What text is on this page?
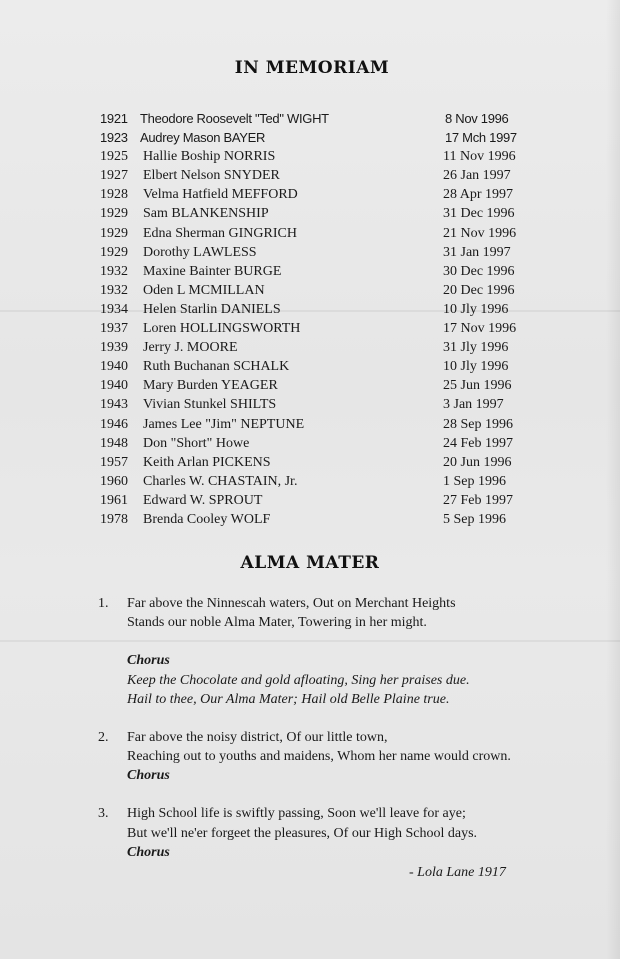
IN MEMORIAM
1921 Theodore Roosevelt "Ted" WIGHT	8 Nov 1996
1923 Audrey Mason BAYER	17 Mch 1997
1925 Hallie Boship NORRIS	11 Nov 1996
1927 Elbert Nelson SNYDER	26 Jan 1997
1928 Velma Hatfield MEFFORD	28 Apr 1997
1929 Sam BLANKENSHIP	31 Dec 1996
1929 Edna Sherman GINGRICH	21 Nov 1996
1929 Dorothy LAWLESS	31 Jan 1997
1932 Maxine Bainter BURGE	30 Dec 1996
1932 Oden L MCMILLAN	20 Dec 1996
1934 Helen Starlin DANIELS	10 Jly 1996
1937 Loren HOLLINGSWORTH	17 Nov 1996
1939 Jerry J. MOORE	31 Jly 1996
1940 Ruth Buchanan SCHALK	10 Jly 1996
1940 Mary Burden YEAGER	25 Jun 1996
1943 Vivian Stunkel SHILTS	3 Jan 1997
1946 James Lee "Jim" NEPTUNE	28 Sep 1996
1948 Don "Short" Howe	24 Feb 1997
1957 Keith Arlan PICKENS	20 Jun 1996
1960 Charles W. CHASTAIN, Jr.	1 Sep 1996
1961 Edward W. SPROUT	27 Feb 1997
1978 Brenda Cooley WOLF	5 Sep 1996
ALMA MATER
1. Far above the Ninnescah waters, Out on Merchant Heights
Stands our noble Alma Mater, Towering in her might.
Chorus
Keep the Chocolate and gold afloating, Sing her praises due.
Hail to thee, Our Alma Mater; Hail old Belle Plaine true.
2. Far above the noisy district, Of our little town,
Reaching out to youths and maidens, Whom her name would crown.
Chorus
3. High School life is swiftly passing, Soon we'll leave for aye;
But we'll ne'er forgeet the pleasures, Of our High School days.
Chorus
- Lola Lane 1917
